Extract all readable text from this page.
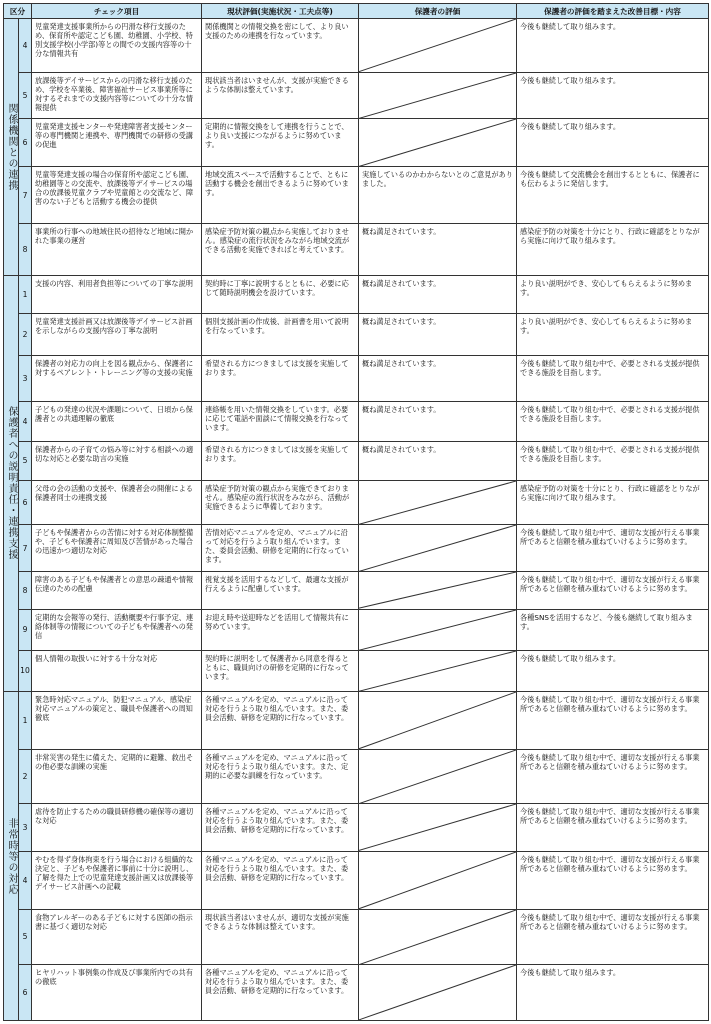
区分		チェック項目	現状評価(実施状況・工夫点等)	保護者の評価	保護者の評価を踏まえた改善目標・内容
関係機関との連携	4	児童発達支援事業所からの円滑な移行支援のため、保育所や認定こども園、幼稚園、小学校、特別支援学校(小学部)等との間での支援内容等の十分な情報共有	関係機関との情報交換を密にして、より良い支援のための連携を行なっています。		今後も継続して取り組みます。
	5	放課後等デイサービスからの円滑な移行支援のため、学校を卒業後、障害福祉サービス事業所等に対するそれまでの支援内容等についての十分な情報提供	現状該当者はいませんが、支援が実施できるような体制は整えています。		今後も継続して取り組みます。
	6	児童発達支援センターや発達障害者支援センター等の専門機関と連携や、専門機関での研修の受講の促進	定期的に情報交換をして連携を行うことで、より良い支援につながるように努めています。		今後も継続して取り組みます。
	7	児童等発達支援の場合の保育所や認定こども園、幼稚園等との交流や、放課後等デイサービスの場合の放課後児童クラブや児童館との交流など、障害のない子どもと活動する機会の提供	地域交流スペースで活動することで、ともに活動する機会を創出できるように努めています。	実施しているのかわからないとのご意見がありました。	今後も継続して交流機会を創出するとともに、保護者にも伝わるように発信します。
	8	事業所の行事への地域住民の招待など地域に開かれた事業の運営	感染症予防対策の観点から実施しておりません。感染症の流行状況をみながら地域交流ができる活動を実施できればと考えています。	概ね満足されています。	感染症予防の対策を十分にとり、行政に確認をとりながら実施に向けて取り組みます。
保護者への説明責任・連携支援	1	支援の内容、利用者負担等についての丁寧な説明	契約時に丁寧に説明するとともに、必要に応じて随時説明機会を設けています。	概ね満足されています。	より良い説明ができ、安心してもらえるように努めます。
	2	児童発達支援計画又は放課後等デイサービス計画を示しながらの支援内容の丁寧な説明	個別支援計画の作成後、計画書を用いて説明を行なっています。	概ね満足されています。	より良い説明ができ、安心してもらえるように努めます。
	3	保護者の対応力の向上を図る観点から、保護者に対するペアレント・トレーニング等の支援の実施	希望される方につきましては支援を実施しております。	概ね満足されています。	今後も継続して取り組む中で、必要とされる支援が提供できる施設を目指します。
	4	子どもの発達の状況や課題について、日頃から保護者との共通理解の徹底	連絡帳を用いた情報交換をしています。必要に応じて電話や面談にて情報交換を行なっています。	概ね満足されています。	今後も継続して取り組む中で、必要とされる支援が提供できる施設を目指します。
	5	保護者からの子育ての悩み等に対する相談への適切な対応と必要な助言の実施	希望される方につきましては支援を実施しております。	概ね満足されています。	今後も継続して取り組む中で、必要とされる支援が提供できる施設を目指します。
	6	父母の会の活動の支援や、保護者会の開催による保護者同士の連携支援	感染症予防対策の観点から実施できておりません。感染症の流行状況をみながら、活動が実施できるように準備しております。		感染症予防の対策を十分にとり、行政に確認をとりながら実施に向けて取り組みます。
	7	子どもや保護者からの苦情に対する対応体制整備や、子どもや保護者に周知及び苦情があった場合の迅速かつ適切な対応	苦情対応マニュアルを定め、マニュアルに沿って対応を行うよう取り組んでいます。また、委員会活動、研修を定期的に行なっています。		今後も継続して取り組む中で、適切な支援が行える事業所であると信頼を積み重ねていけるように努めます。
	8	障害のある子どもや保護者との意思の疎通や情報伝達のための配慮	視覚支援を活用するなどして、最適な支援が行えるように配慮しています。		今後も継続して取り組む中で、適切な支援が行える事業所であると信頼を積み重ねていけるように努めます。
	9	定期的な会報等の発行、活動概要や行事予定、連絡体制等の情報についての子どもや保護者への発信	お迎え時や送迎時などを活用して情報共有に努めています。		各種SNSを活用するなど、今後も継続して取り組みます。
	10	個人情報の取扱いに対する十分な対応	契約時に説明をして保護者から同意を得るとともに、職員向けの研修を定期的に行なっています。		今後も継続して取り組みます。
非常時等の対応	1	緊急時対応マニュアル、防犯マニュアル、感染症対応マニュアルの策定と、職員や保護者への周知徹底	各種マニュアルを定め、マニュアルに沿って対応を行うよう取り組んでいます。また、委員会活動、研修を定期的に行なっています。		今後も継続して取り組む中で、適切な支援が行える事業所であると信頼を積み重ねていけるように努めます。
	2	非常災害の発生に備えた、定期的に避難、救出その他必要な訓練の実施	各種マニュアルを定め、マニュアルに沿って対応を行うよう取り組んでいます。また、定期的に必要な訓練を行なっています。		今後も継続して取り組む中で、適切な支援が行える事業所であると信頼を積み重ねていけるように努めます。
	3	虐待を防止するための職員研修機の確保等の適切な対応	各種マニュアルを定め、マニュアルに沿って対応を行うよう取り組んでいます。また、委員会活動、研修を定期的に行なっています。		今後も継続して取り組む中で、適切な支援が行える事業所であると信頼を積み重ねていけるように努めます。
	4	やむを得ず身体拘束を行う場合における組織的な決定と、子どもや保護者に事前に十分に説明し、了解を得た上での児童発達支援計画又は放課後等デイサービス計画への記載	各種マニュアルを定め、マニュアルに沿って対応を行うよう取り組んでいます。また、委員会活動、研修を定期的に行なっています。		今後も継続して取り組む中で、適切な支援が行える事業所であると信頼を積み重ねていけるように努めます。
	5	食物アレルギーのある子どもに対する医師の指示書に基づく適切な対応	現状該当者はいませんが、適切な支援が実施できるような体制は整えています。		今後も継続して取り組む中で、適切な支援が行える事業所であると信頼を積み重ねていけるように努めます。
	6	ヒヤリハット事例集の作成及び事業所内での共有の徹底	各種マニュアルを定め、マニュアルに沿って対応を行うよう取り組んでいます。また、委員会活動、研修を定期的に行なっています。		今後も継続して取り組みます。
